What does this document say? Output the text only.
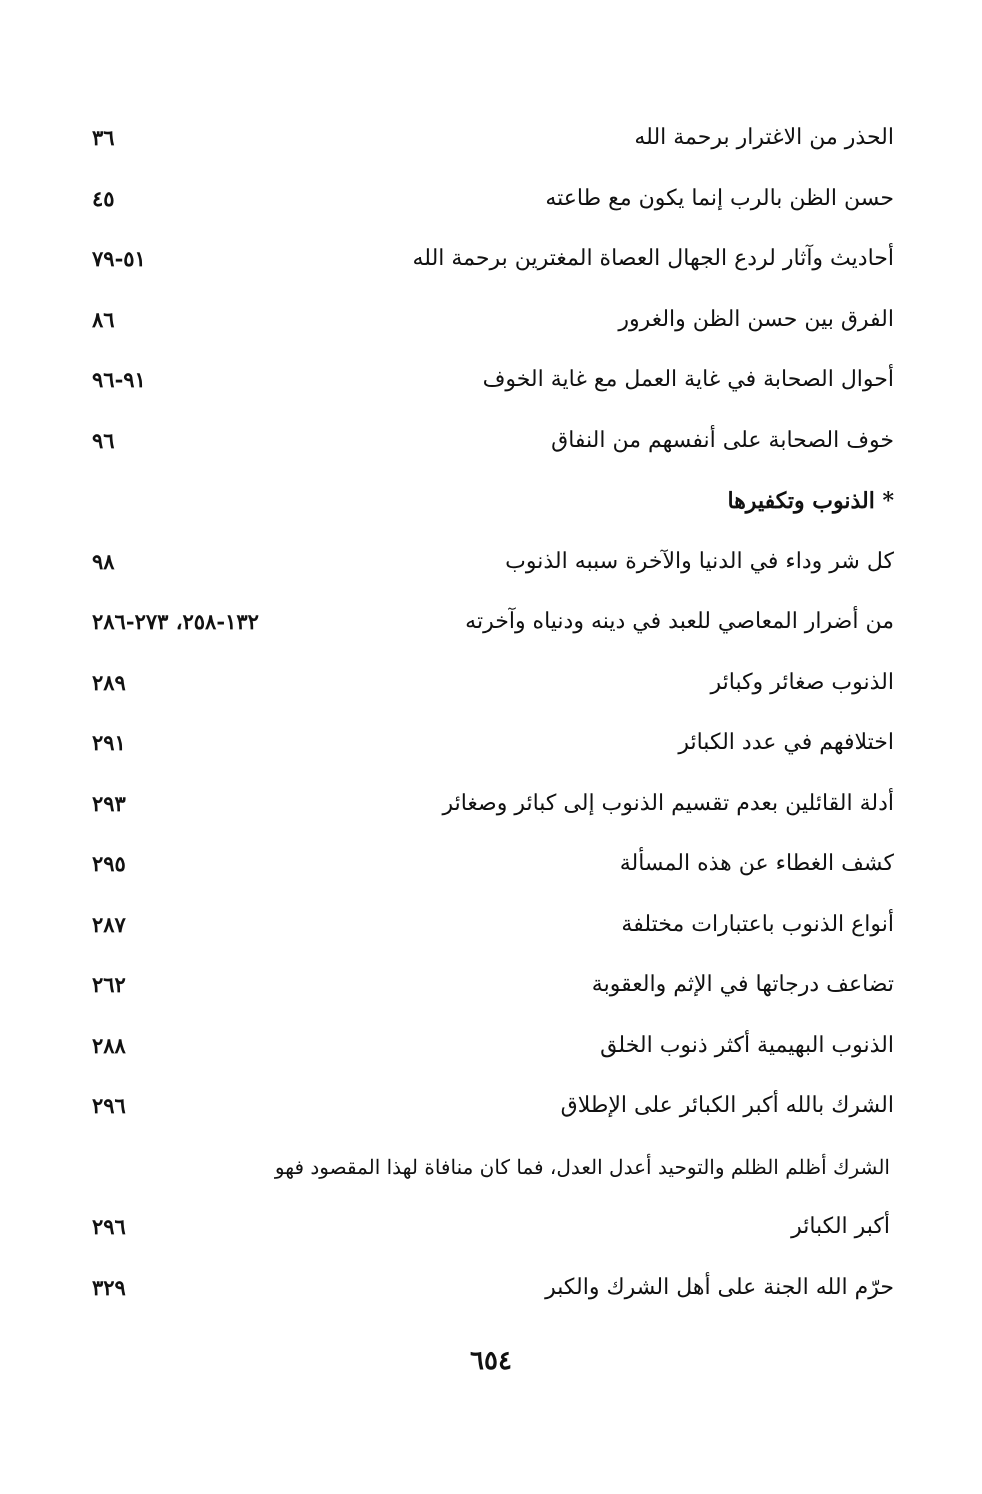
الحذر من الاغترار برحمة الله
٣٦
حسن الظن بالرب إنما يكون مع طاعته
٤٥
أحاديث وآثار لردع الجهال العصاة المغترين برحمة الله
٥١-٧٩
الفرق بين حسن الظن والغرور
٨٦
أحوال الصحابة في غاية العمل مع غاية الخوف
٩١-٩٦
خوف الصحابة على أنفسهم من النفاق
٩٦
* الذنوب وتكفيرها
كل شر وداء في الدنيا والآخرة سببه الذنوب
٩٨
من أضرار المعاصي للعبد في دينه ودنياه وآخرته
١٣٢-٢٥٨، ٢٧٣-٢٨٦
الذنوب صغائر وكبائر
٢٨٩
اختلافهم في عدد الكبائر
٢٩١
أدلة القائلين بعدم تقسيم الذنوب إلى كبائر وصغائر
٢٩٣
كشف الغطاء عن هذه المسألة
٢٩٥
أنواع الذنوب باعتبارات مختلفة
٢٨٧
تضاعف درجاتها في الإثم والعقوبة
٢٦٢
الذنوب البهيمية أكثر ذنوب الخلق
٢٨٨
الشرك بالله أكبر الكبائر على الإطلاق
٢٩٦
الشرك أظلم الظلم والتوحيد أعدل العدل، فما كان منافاة لهذا المقصود فهو
أكبر الكبائر
٢٩٦
حرّم الله الجنة على أهل الشرك والكبر
٣٢٩
٦٥٤
